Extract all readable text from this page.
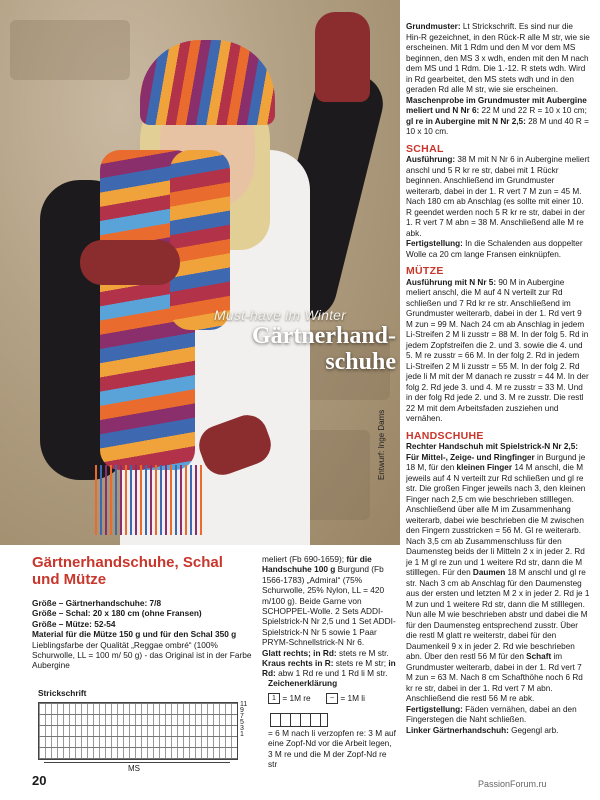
Must-have im Winter
Gärtnerhand-schuhe
Entwurf: Inge Dams

Grundmuster: Lt Strickschrift. Es sind nur die Hin-R gezeichnet, in den Rück-R alle M str, wie sie erscheinen. Mit 1 Rdm und den M vor dem MS beginnen, den MS 3 x wdh, enden mit den M nach dem MS und 1 Rdm. Die 1.-12. R stets wdh. Wird in Rd gearbeitet, den MS stets wdh und in den geraden Rd alle M str, wie sie erscheinen.

Maschenprobe im Grundmuster mit Aubergine meliert und N Nr 6: 22 M und 22 R = 10 x 10 cm; gl re in Aubergine mit N Nr 2,5: 28 M und 40 R = 10 x 10 cm.

SCHAL

Ausführung: 38 M mit N Nr 6 in Aubergine meliert anschl und 5 R kr re str, dabei mit 1 Rückr beginnen. Anschließend im Grundmuster weiterarb, dabei in der 1. R vert 7 M zun = 45 M. Nach 180 cm ab Anschlag (es sollte mit einer 10. R geendet werden noch 5 R kr re str, dabei in der 1. R vert 7 M abn = 38 M. Anschließend alle M re abk.

Fertigstellung: In die Schalenden aus doppelter Wolle ca 20 cm lange Fransen einknüpfen.

MÜTZE

Ausführung mit N Nr 5: 90 M in Aubergine meliert anschl, die M auf 4 N verteilt zur Rd schließen und 7 Rd kr re str. Anschließend im Grundmuster weiterarb, dabei in der 1. Rd vert 9 M zun = 99 M. Nach 24 cm ab Anschlag in jedem Li-Streifen 2 M li zusstr = 88 M. In der folg 5. Rd in jedem Zopfstreifen die 2. und 3. sowie die 4. und 5. M re zusstr = 66 M. In der folg 2. Rd in jedem Li-Streifen 2 M li zusstr = 55 M. In der folg 2. Rd jede li M mit der M danach re zusstr = 44 M. In der folg 2. Rd jede 3. und 4. M re zusstr = 33 M. Und in der folg Rd jede 2. und 3. M re zusstr. Die restl 22 M mit dem Arbeitsfaden zusziehen und vernähen.

HANDSCHUHE

Rechter Handschuh mit Spielstrick-N Nr 2,5: Für Mittel-, Zeige- und Ringfinger in Burgund je 18 M, für den kleinen Finger 14 M anschl, die M jeweils auf 4 N verteilt zur Rd schließen und gl re str. Die großen Finger jeweils nach 3, den kleinen Finger nach 2,5 cm wie beschrieben stilllegen. Anschließend über alle M im Zusammenhang weiterarb, dabei wie beschrieben die M zwischen den Fingern zusstricken = 56 M. Gl re weiterarb. Nach 3,5 cm ab Zusammenschluss für den Daumensteg beids der li Mitteln 2 x in jeder 2. Rd je 1 M gl re zun und 1 weitere Rd str, dann die M stilllegen. Für den Daumen 18 M anschl und gl re str. Nach 3 cm ab Anschlag für den Daumensteg aus der ersten und letzten M 2 x in jeder 2. Rd je 1 M zun und 1 weitere Rd str, dann die M stilllegen. Nun alle M wie beschrieben abstr und dabei die M für den Daumensteg entsprechend zusstr. Über die restl M glatt re weiterstr, dabei für den Daumenkeil 9 x in jeder 2. Rd wie beschrieben abn. Über den restl 56 M für den Schaft im Grundmuster weiterarb, dabei in der 1. Rd vert 7 M zun = 63 M. Nach 8 cm Schafthöhe noch 6 Rd kr re str, dabei in der 1. Rd vert 7 M abn. Anschließend die restl 56 M re abk.

Fertigstellung: Fäden vernähen, dabei an den Fingerstegen die Naht schließen.

Linker Gärtnerhandschuh: Gegengl arb.

Gärtnerhandschuhe, Schal und Mütze

Größe – Gärtnerhandschuhe: 7/8

Größe – Schal: 20 x 180 cm (ohne Fransen)

Größe – Mütze: 52-54

Material für die Mütze 150 g und für den Schal 350 g Lieblingsfarbe der Qualität „Reggae ombré“ (100% Schurwolle, LL = 100 m/ 50 g) - das Original ist in der Farbe Aubergine

meliert (Fb 690-1659); für die Handschuhe 100 g Burgund (Fb 1566-1783) „Admiral“ (75% Schurwolle, 25% Nylon, LL = 420 m/100 g). Beide Garne von SCHOPPEL-Wolle. 2 Sets ADDI-Spielstrick-N Nr 2,5 und 1 Set ADDI-Spielstrick-N Nr 5 sowie 1 Paar PRYM-Schnellstrick-N Nr 6.

Glatt rechts; in Rd: stets re M str.

Kraus rechts in R: stets re M str; in Rd: abw 1 Rd re und 1 Rd li M str.

Strickschrift
11
9
7
5
3
1
MS
Zeichenerklärung
1 = 1M re	− = 1M li
= 6 M nach li verzopfen re: 3 M auf eine Zopf-Nd vor die Arbeit legen, 3 M re und die M der Zopf-Nd re str
20	PassionForum.ru
